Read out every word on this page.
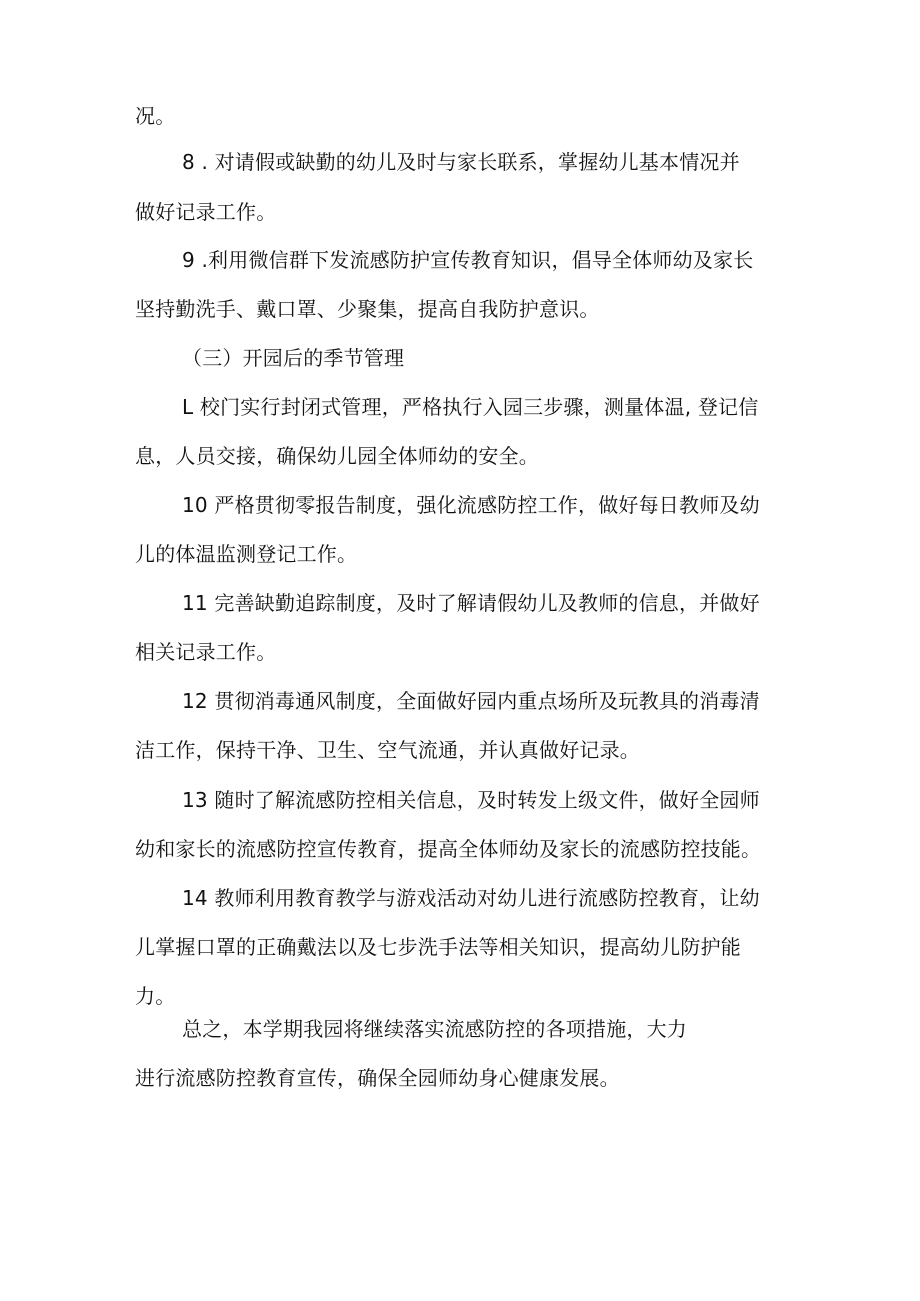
况。
8 . 对请假或缺勤的幼儿及时与家长联系，掌握幼儿基本情况并
做好记录工作。
9 .利用微信群下发流感防护宣传教育知识，倡导全体师幼及家长
坚持勤洗手、戴口罩、少聚集，提高自我防护意识。
（三）开园后的季节管理
L 校门实行封闭式管理，严格执行入园三步骤，测量体温, 登记信
息，人员交接，确保幼儿园全体师幼的安全。
10 严格贯彻零报告制度，强化流感防控工作，做好每日教师及幼
儿的体温监测登记工作。
11 完善缺勤追踪制度，及时了解请假幼儿及教师的信息，并做好
相关记录工作。
12 贯彻消毒通风制度，全面做好园内重点场所及玩教具的消毒清
洁工作，保持干净、卫生、空气流通，并认真做好记录。
13 随时了解流感防控相关信息，及时转发上级文件，做好全园师
幼和家长的流感防控宣传教育，提高全体师幼及家长的流感防控技能。
14 教师利用教育教学与游戏活动对幼儿进行流感防控教育，让幼
儿掌握口罩的正确戴法以及七步洗手法等相关知识，提高幼儿防护能
力。
总之，本学期我园将继续落实流感防控的各项措施，大力
进行流感防控教育宣传，确保全园师幼身心健康发展。
